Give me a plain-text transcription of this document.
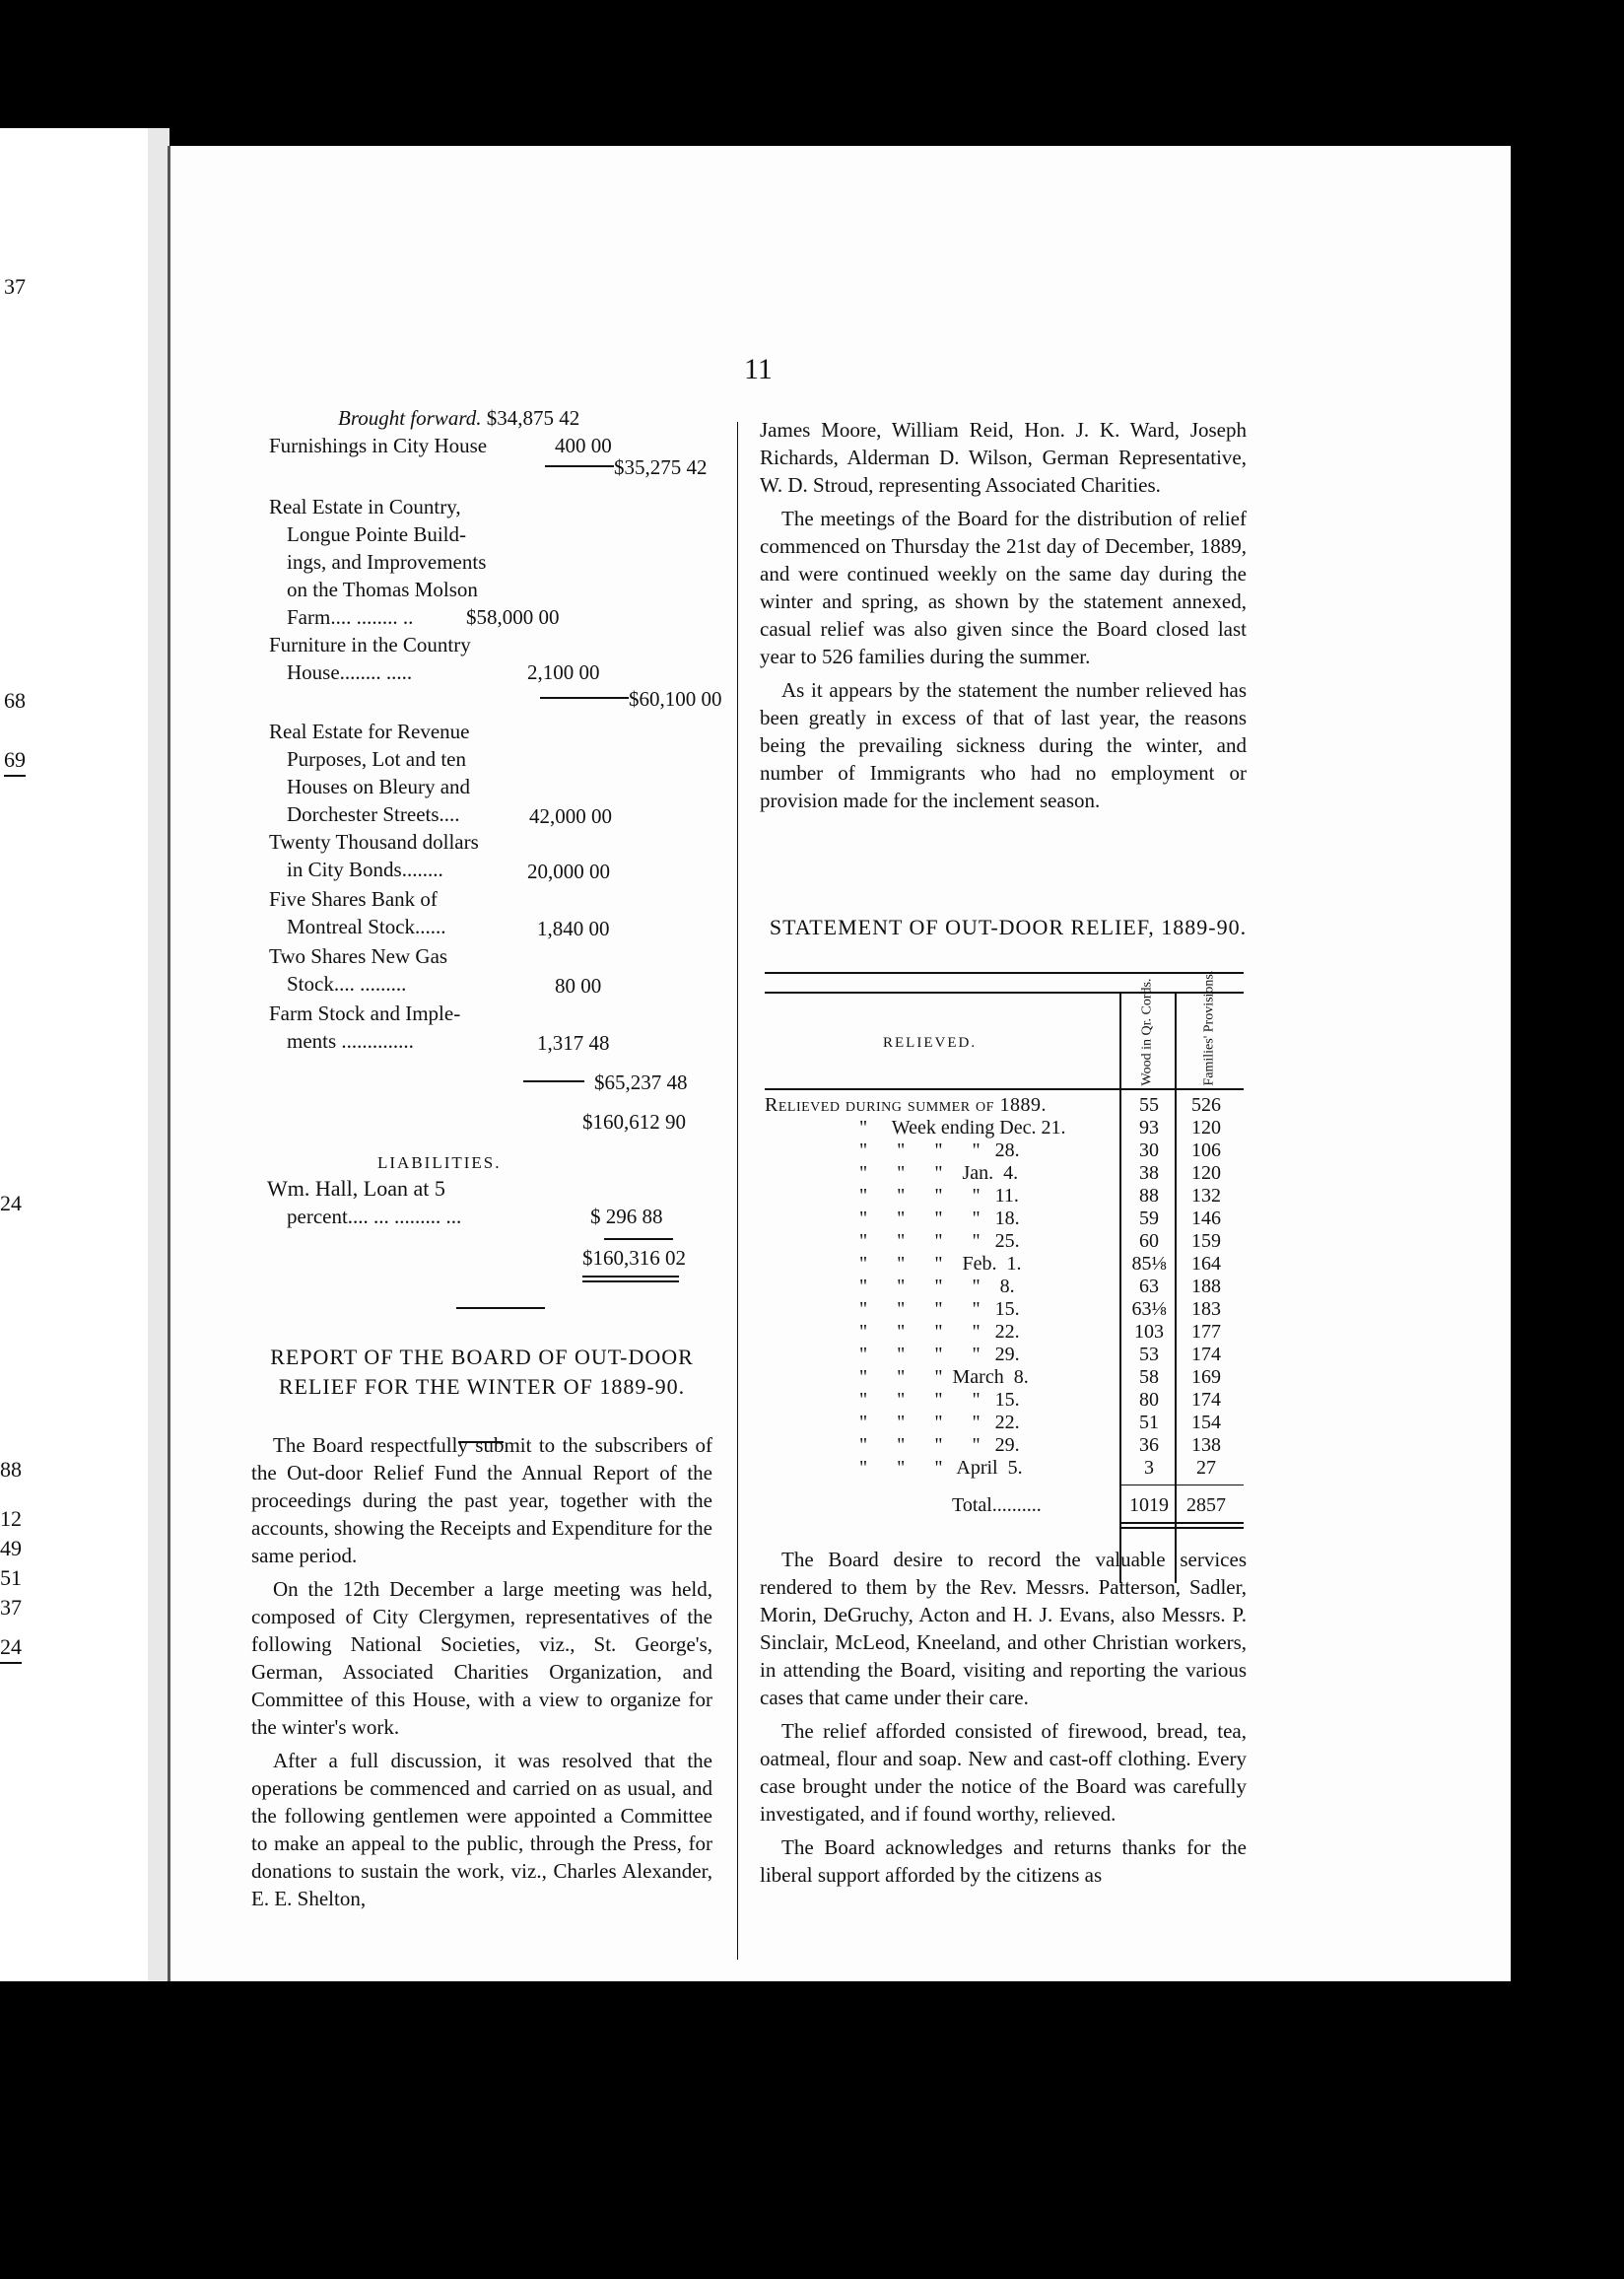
37
68
69
24
88
12
49
51
37
24
11
Brought forward. $34,875 42
Furnishings in City House	400 00
$35,275 42
Real Estate in Country,
Longue Pointe Build-
ings, and Improvements
on the Thomas Molson
Farm.... ........ ..	$58,000 00
Furniture in the Country
House........ .....	2,100 00
$60,100 00
Real Estate for Revenue
Purposes, Lot and ten
Houses on Bleury and
Dorchester Streets....	42,000 00
Twenty Thousand dollars
in City Bonds........	20,000 00
Five Shares Bank of
Montreal Stock......	1,840 00
Two Shares New Gas
Stock.... .........	80 00
Farm Stock and Imple-
ments ..............	1,317 48
$65,237 48
$160,612 90
LIABILITIES.
Wm. Hall, Loan at 5
percent.... ... ......... ...	$ 296 88
$160,316 02
REPORT OF THE BOARD OF OUT-DOOR RELIEF FOR THE WINTER OF 1889-90.

The Board respectfully submit to the subscribers of the Out-door Relief Fund the Annual Report of the proceedings during the past year, together with the accounts, showing the Receipts and Expenditure for the same period.

On the 12th December a large meeting was held, composed of City Clergymen, representatives of the following National Societies, viz., St. George's, German, Associated Charities Organization, and Committee of this House, with a view to organize for the winter's work.

After a full discussion, it was resolved that the operations be commenced and carried on as usual, and the following gentlemen were appointed a Committee to make an appeal to the public, through the Press, for donations to sustain the work, viz., Charles Alexander, E. E. Shelton,

James Moore, William Reid, Hon. J. K. Ward, Joseph Richards, Alderman D. Wilson, German Representative, W. D. Stroud, representing Associated Charities.

The meetings of the Board for the distribution of relief commenced on Thursday the 21st day of December, 1889, and were continued weekly on the same day during the winter and spring, as shown by the statement annexed, casual relief was also given since the Board closed last year to 526 families during the summer.

As it appears by the statement the number relieved has been greatly in excess of that of last year, the reasons being the prevailing sickness during the winter, and number of Immigrants who had no employment or provision made for the inclement season.

STATEMENT OF OUT-DOOR RELIEF, 1889-90.
RELIEVED.	Wood in Qr. Cords.	Families' Provisions.
Relieved during summer of 1889.	55	526
"     Week ending Dec. 21.	93	120
"      "      "      "   28.	30	106
"      "      "    Jan.  4.	38	120
"      "      "      "   11.	88	132
"      "      "      "   18.	59	146
"      "      "      "   25.	60	159
"      "      "    Feb.  1.	85⅛	164
"      "      "      "    8.	63	188
"      "      "      "   15.	63⅛	183
"      "      "      "   22.	103	177
"      "      "      "   29.	53	174
"      "      "  March  8.	58	169
"      "      "      "   15.	80	174
"      "      "      "   22.	51	154
"      "      "      "   29.	36	138
"      "      "   April  5.	3	27
Total..........	1019 2857

The Board desire to record the valuable services rendered to them by the Rev. Messrs. Patterson, Sadler, Morin, DeGruchy, Acton and H. J. Evans, also Messrs. P. Sinclair, McLeod, Kneeland, and other Christian workers, in attending the Board, visiting and reporting the various cases that came under their care.

The relief afforded consisted of firewood, bread, tea, oatmeal, flour and soap. New and cast-off clothing. Every case brought under the notice of the Board was carefully investigated, and if found worthy, relieved.

The Board acknowledges and returns thanks for the liberal support afforded by the citizens as
